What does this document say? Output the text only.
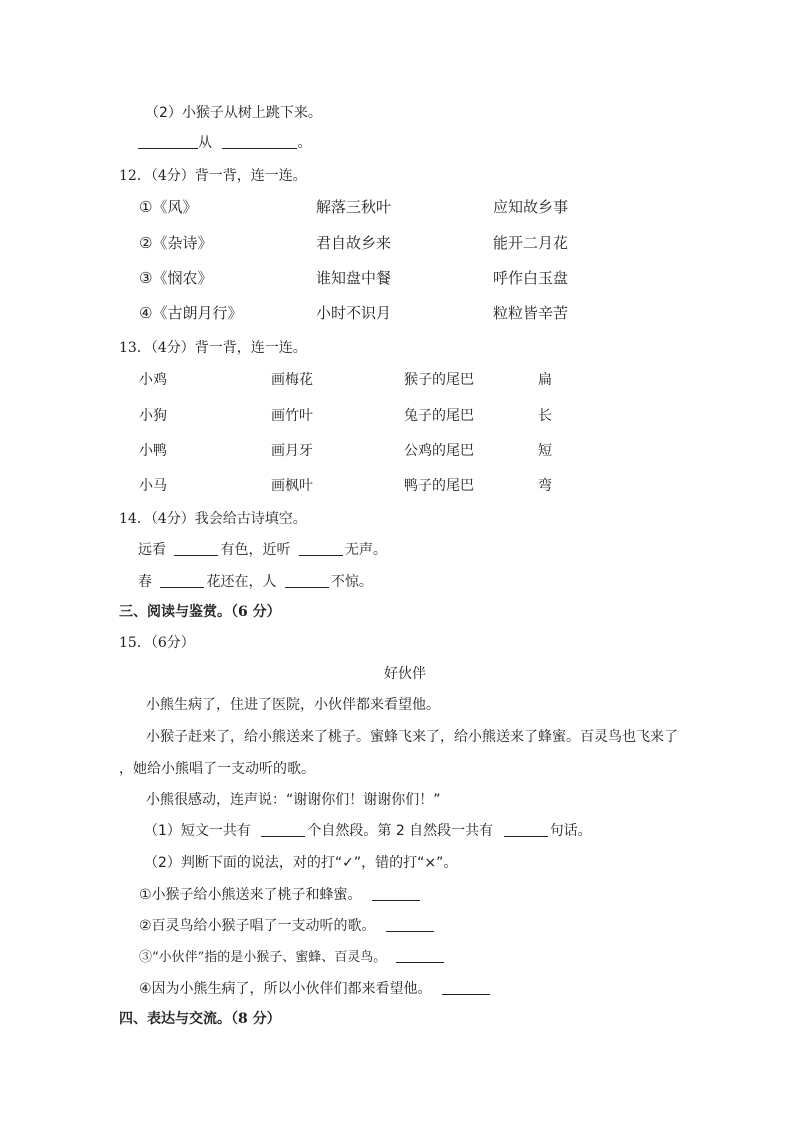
（2）小猴子从树上跳下来。
从	。
12．（4分）背一背，连一连。
①《风》	解落三秋叶	应知故乡事
②《杂诗》	君自故乡来	能开二月花
③《悯农》	谁知盘中餐	呼作白玉盘
④《古朗月行》	小时不识月	粒粒皆辛苦
13．（4分）背一背，连一连。
小鸡	画梅花	猴子的尾巴	扁
小狗	画竹叶	兔子的尾巴	长
小鸭	画月牙	公鸡的尾巴	短
小马	画枫叶	鸭子的尾巴	弯
14．（4分）我会给古诗填空。
远看	有色，近听	无声。
春	花还在，人	不惊。
三、阅读与鉴赏。（6 分）
15．（6分）
好伙伴
小熊生病了，住进了医院，小伙伴都来看望他。
小猴子赶来了，给小熊送来了桃子。蜜蜂飞来了，给小熊送来了蜂蜜。百灵鸟也飞来了
，她给小熊唱了一支动听的歌。
小熊很感动，连声说：“谢谢你们！谢谢你们！”
（1）短文一共有	个自然段。第 2 自然段一共有	句话。
（2）判断下面的说法，对的打“✓”，错的打“×”。
①小猴子给小熊送来了桃子和蜂蜜。
②百灵鸟给小猴子唱了一支动听的歌。
③“小伙伴”指的是小猴子、蜜蜂、百灵鸟。
④因为小熊生病了，所以小伙伴们都来看望他。
四、表达与交流。（8 分）
